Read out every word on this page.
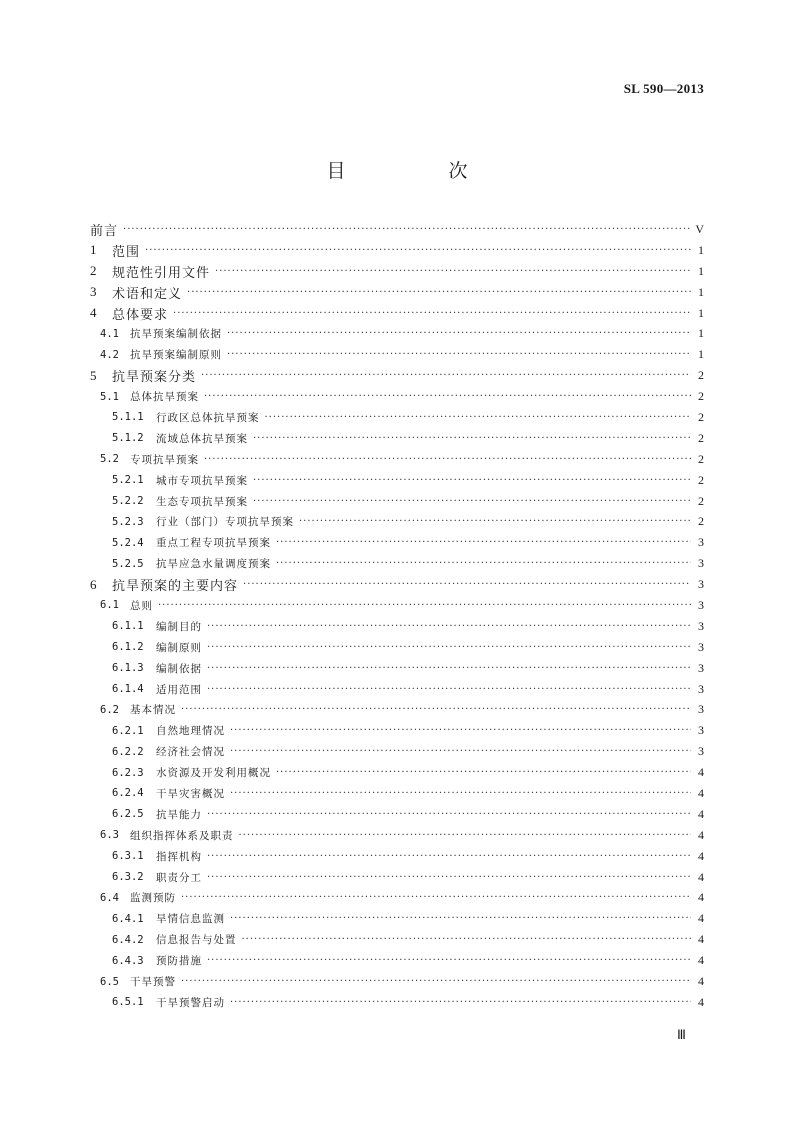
SL 590—2013
目　次
前言 ·····	V
1	范围 ·····	1
2	规范性引用文件 ·····	1
3	术语和定义 ·····	1
4	总体要求 ·····	1
4.1	抗旱预案编制依据 ·····	1
4.2	抗旱预案编制原则 ·····	1
5	抗旱预案分类 ·····	2
5.1	总体抗旱预案 ·····	2
5.1.1	行政区总体抗旱预案 ·····	2
5.1.2	流域总体抗旱预案 ·····	2
5.2	专项抗旱预案 ·····	2
5.2.1	城市专项抗旱预案 ·····	2
5.2.2	生态专项抗旱预案 ·····	2
5.2.3	行业（部门）专项抗旱预案 ·····	2
5.2.4	重点工程专项抗旱预案 ·····	3
5.2.5	抗旱应急水量调度预案 ·····	3
6	抗旱预案的主要内容 ·····	3
6.1	总则 ·····	3
6.1.1	编制目的 ·····	3
6.1.2	编制原则 ·····	3
6.1.3	编制依据 ·····	3
6.1.4	适用范围 ·····	3
6.2	基本情况 ·····	3
6.2.1	自然地理情况 ·····	3
6.2.2	经济社会情况 ·····	3
6.2.3	水资源及开发利用概况 ·····	4
6.2.4	干旱灾害概况 ·····	4
6.2.5	抗旱能力 ·····	4
6.3	组织指挥体系及职责 ·····	4
6.3.1	指挥机构 ·····	4
6.3.2	职责分工 ·····	4
6.4	监测预防 ·····	4
6.4.1	旱情信息监测 ·····	4
6.4.2	信息报告与处置 ·····	4
6.4.3	预防措施 ·····	4
6.5	干旱预警 ·····	4
6.5.1	干旱预警启动 ·····	4
Ⅲ
